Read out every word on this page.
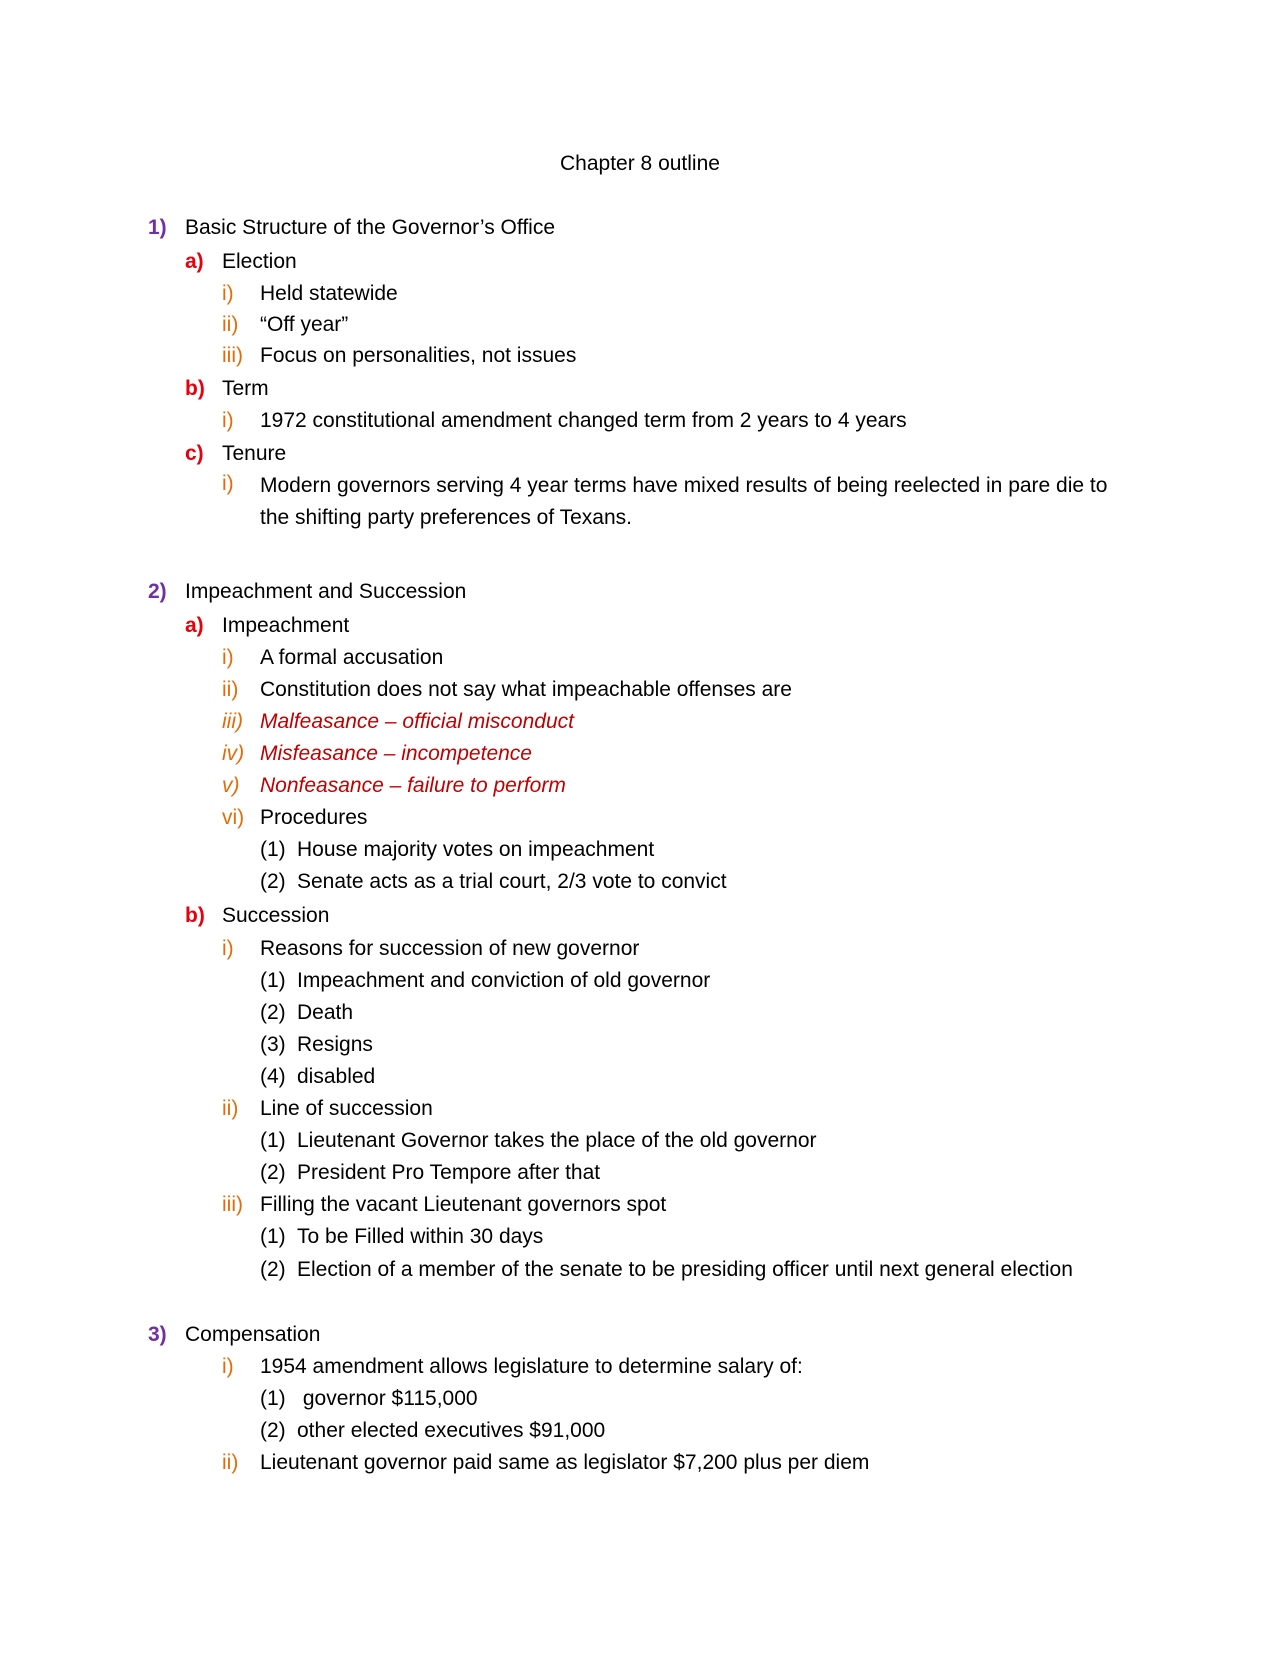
Chapter 8 outline
1) Basic Structure of the Governor’s Office
a) Election
i) Held statewide
ii) “Off year”
iii) Focus on personalities, not issues
b) Term
i) 1972 constitutional amendment changed term from 2 years to 4 years
c) Tenure
i) Modern governors serving 4 year terms have mixed results of being reelected in pare die to the shifting party preferences of Texans.
2) Impeachment and Succession
a) Impeachment
i) A formal accusation
ii) Constitution does not say what impeachable offenses are
iii) Malfeasance – official misconduct
iv) Misfeasance – incompetence
v) Nonfeasance – failure to perform
vi) Procedures
(1) House majority votes on impeachment
(2) Senate acts as a trial court, 2/3 vote to convict
b) Succession
i) Reasons for succession of new governor
(1) Impeachment and conviction of old governor
(2) Death
(3) Resigns
(4) disabled
ii) Line of succession
(1) Lieutenant Governor takes the place of the old governor
(2) President Pro Tempore after that
iii) Filling the vacant Lieutenant governors spot
(1) To be Filled within 30 days
(2) Election of a member of the senate to be presiding officer until next general election
3) Compensation
i) 1954 amendment allows legislature to determine salary of:
(1) governor $115,000
(2) other elected executives $91,000
ii) Lieutenant governor paid same as legislator $7,200 plus per diem
